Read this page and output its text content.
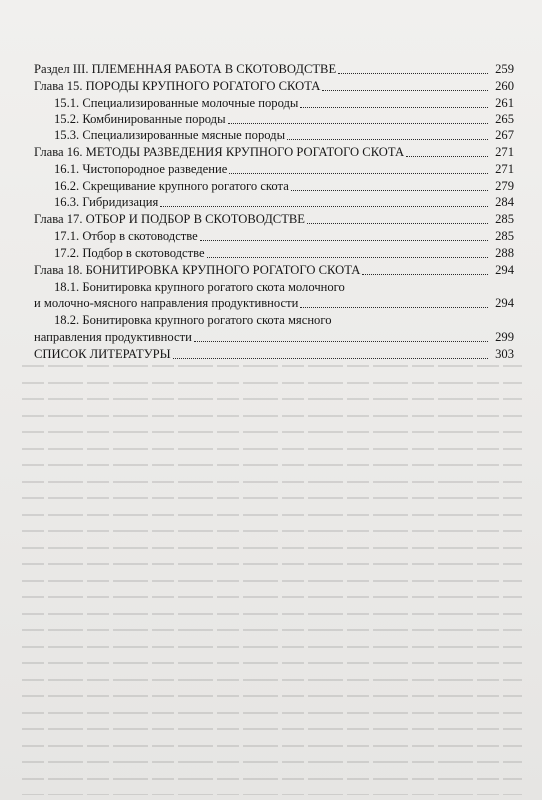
Раздел III. ПЛЕМЕННАЯ РАБОТА В СКОТОВОДСТВЕ	259
Глава 15. ПОРОДЫ КРУПНОГО РОГАТОГО СКОТА	260
15.1. Специализированные молочные породы	261
15.2. Комбинированные породы	265
15.3. Специализированные мясные породы	267
Глава 16. МЕТОДЫ РАЗВЕДЕНИЯ КРУПНОГО РОГАТОГО СКОТА	271
16.1. Чистопородное разведение	271
16.2. Скрещивание крупного рогатого скота	279
16.3. Гибридизация	284
Глава 17. ОТБОР И ПОДБОР В СКОТОВОДСТВЕ	285
17.1. Отбор в скотоводстве	285
17.2. Подбор в скотоводстве	288
Глава 18. БОНИТИРОВКА КРУПНОГО РОГАТОГО СКОТА	294
18.1. Бонитировка крупного рогатого скота молочного
и молочно-мясного направления продуктивности	294
18.2. Бонитировка крупного рогатого скота мясного
направления продуктивности	299
СПИСОК ЛИТЕРАТУРЫ	303
